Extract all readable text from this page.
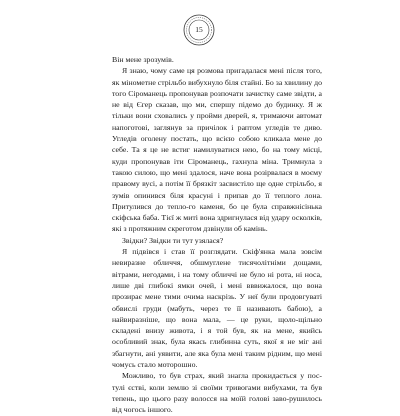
15

Він мене зрозумів.

Я знаю, чому саме ця розмова пригадалася мені після того, як мінометне стрільбо вибухнуло біля стайні. Бо за хвилину до того Сіроманець пропонував розпочати зачистку саме звідти, а не від Єгер сказав, що ми, спершу підемо до будинку. Я ж тільки вони сховались у пройми дверей, я, тримаючи автомат напоготові, заглянув за причілок і раптом угледів те диво. Угледів оголену постать, що всією собою кликала мене до себе. Та я це не встиг намилуватися нею, бо на тому місці, куди пропонував іти Сіроманець, гахнула міна. Тримнула з такою силою, що мені здалося, наче вона розірвалася в моєму правому вусі, а потім її брязкіт засвистіло ще одне стрільбо, я зумів опинився біля красуні і припав до її теплого лона. Притулився до тепло-го каменя, бо це була справжнісінька скіфська баба. Тієї ж миті вона здригнулася від удару осколків, які з протяжним скреготом дзвінули об камінь.

Звідки? Звідки ти тут узялася?

Я підвівся і став її розглядати. Скіф'янка мала зовсім невиразне обличчя, обшмуглене тисячолітніми дощами, вітрами, негодами, і на тому обличчі не було ні рота, ні носа, лише дві глибокі ямки очей, і мені вввижалося, що вона прозирає мене тими очима наскрізь. У неї були продовгуваті обвислі груди (мабуть, через те її називають бабою), а найвиразніше, що вона мала, — це руки, щоло-щільно складені внизу живота, і я той був, як на мене, якийсь особливий знак, була якась глибинна суть, якої я не міг ані збагнути, ані уявити, але яка була мені таким рідним, що мені чомусь стало моторошно.

Можливо, то був страх, який знагла прокидається у пос-тулі єстві, коли землю зі своїми тривогами вибухами, та був тепень, що цього разу волосся на моїй голові заво-рушилось від чогось іншого.
